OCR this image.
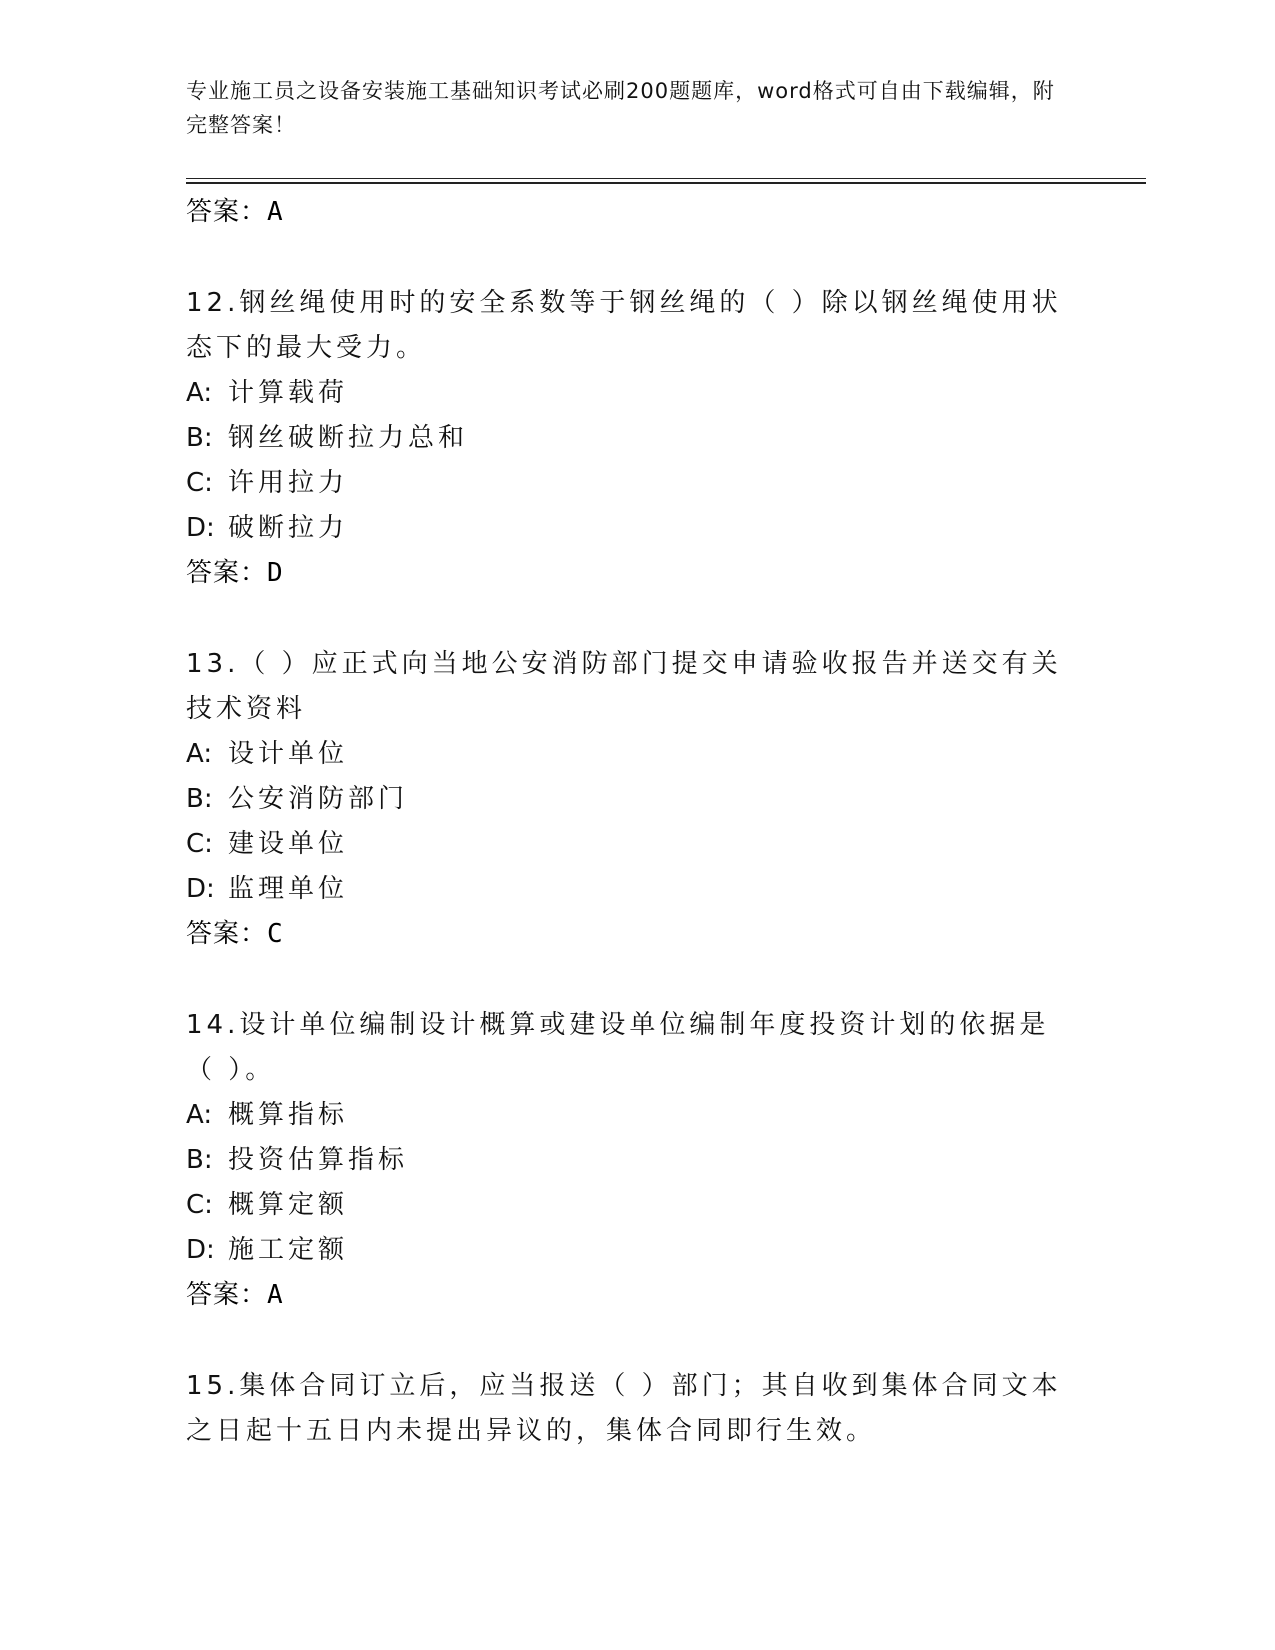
专业施工员之设备安装施工基础知识考试必刷200题题库，word格式可自由下载编辑，附完整答案！
答案：A

12.钢丝绳使用时的安全系数等于钢丝绳的（ ）除以钢丝绳使用状态下的最大受力。

A: 计算载荷
B: 钢丝破断拉力总和
C: 许用拉力
D: 破断拉力
答案：D

13.（ ）应正式向当地公安消防部门提交申请验收报告并送交有关技术资料

A: 设计单位
B: 公安消防部门
C: 建设单位
D: 监理单位
答案：C

14.设计单位编制设计概算或建设单位编制年度投资计划的依据是（ ）。

A: 概算指标
B: 投资估算指标
C: 概算定额
D: 施工定额
答案：A

15.集体合同订立后，应当报送（ ）部门；其自收到集体合同文本之日起十五日内未提出异议的，集体合同即行生效。
